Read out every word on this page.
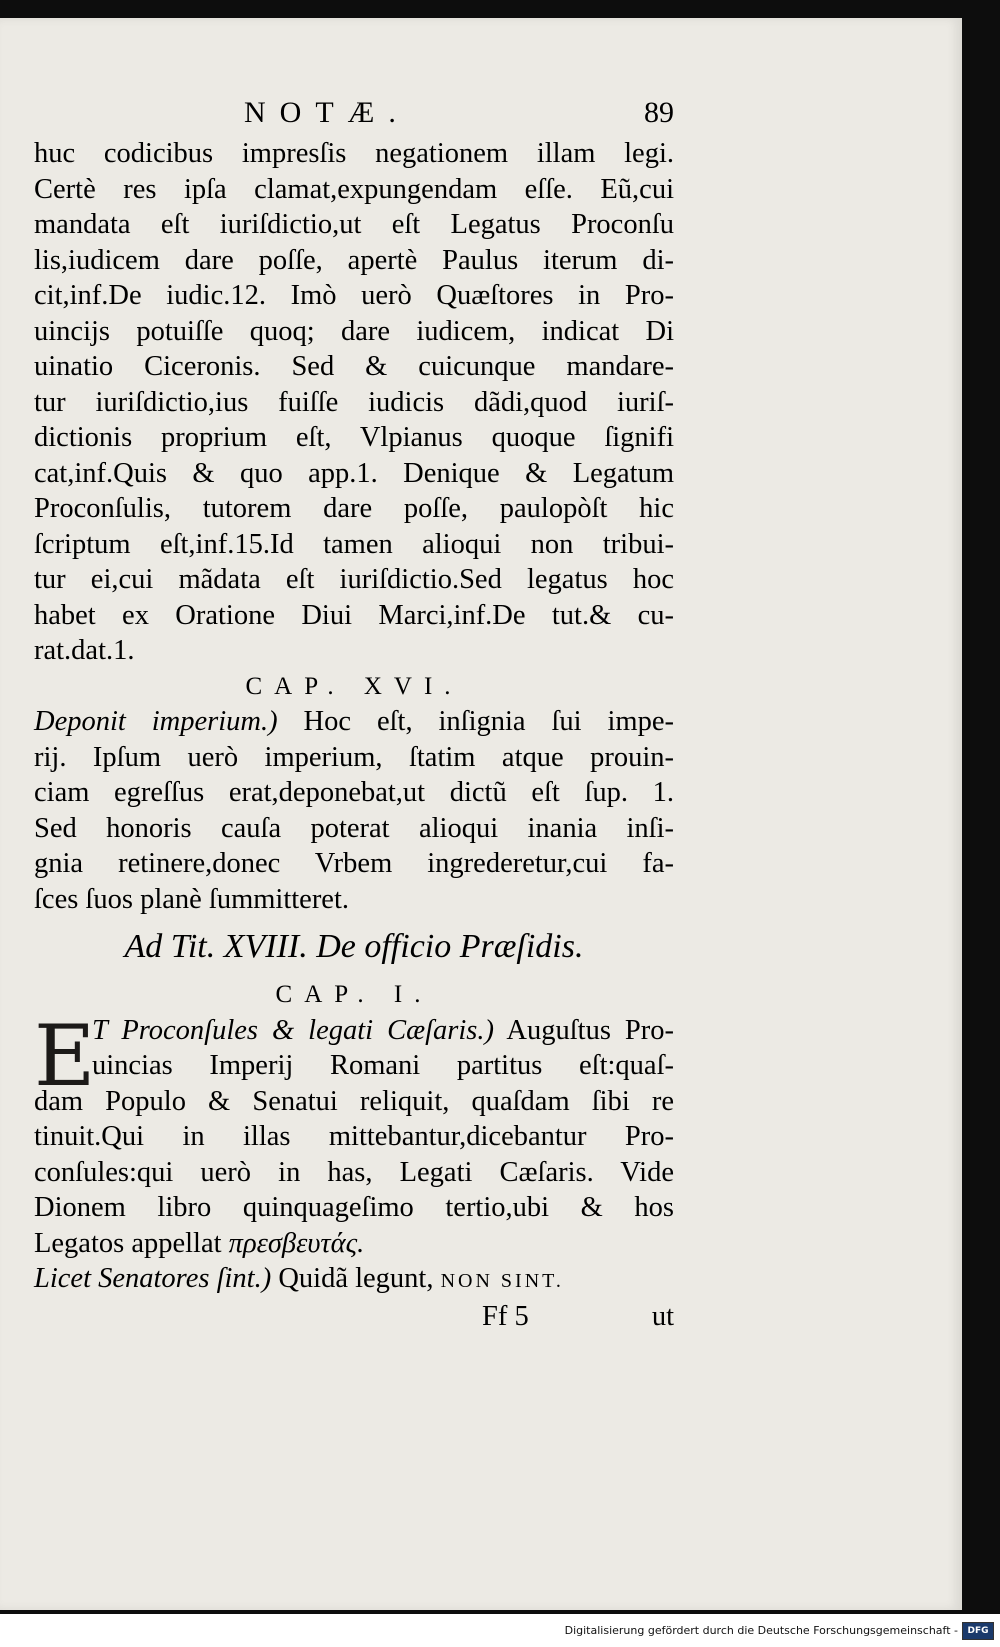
NOTÆ.	89
huc codicibus impresſis negationem illam legi.
Certè res ipſa clamat,expungendam eſſe. Eũ,cui
mandata eſt iuriſdictio,ut eſt Legatus Proconſu
lis,iudicem dare poſſe, apertè Paulus iterum di-
cit,inf.De iudic.12. Imò uerò Quæſtores in Pro-
uincijs potuiſſe quoq; dare iudicem, indicat Di
uinatio Ciceronis. Sed & cuicunque mandare-
tur iuriſdictio,ius fuiſſe iudicis dãdi,quod iuriſ-
dictionis proprium eſt, Vlpianus quoque ſignifi
cat,inf.Quis & quo app.1. Denique & Legatum
Proconſulis, tutorem dare poſſe, paulopòſt hic
ſcriptum eſt,inf.15.Id tamen alioqui non tribui-
tur ei,cui mãdata eſt iuriſdictio.Sed legatus hoc
habet ex Oratione Diui Marci,inf.De tut.& cu-
rat.dat.1.
CAP. XVI.
Deponit imperium.) Hoc eſt, inſignia ſui impe-
rij. Ipſum uerò imperium, ſtatim atque prouin-
ciam egreſſus erat,deponebat,ut dictũ eſt ſup. 1.
Sed honoris cauſa poterat alioqui inania inſi-
gnia retinere,donec Vrbem ingrederetur,cui fa-
ſces ſuos planè ſummitteret.
Ad Tit. XVIII. De officio Præſidis.
CAP. I.
E
T Proconſules & legati Cæſaris.) Auguſtus Pro-
uincias Imperij Romani partitus eſt:quaſ-
dam Populo & Senatui reliquit, quaſdam ſibi re
tinuit.Qui in illas mittebantur,dicebantur Pro-
conſules:qui uerò in has, Legati Cæſaris. Vide
Dionem libro quinquageſimo tertio,ubi & hos
Legatos appellat πρεσβευτάς.
Licet Senatores ſint.) Quidã legunt, NON SINT.
Ff 5	ut
Digitalisierung gefördert durch die Deutsche Forschungsgemeinschaft -	DFG
